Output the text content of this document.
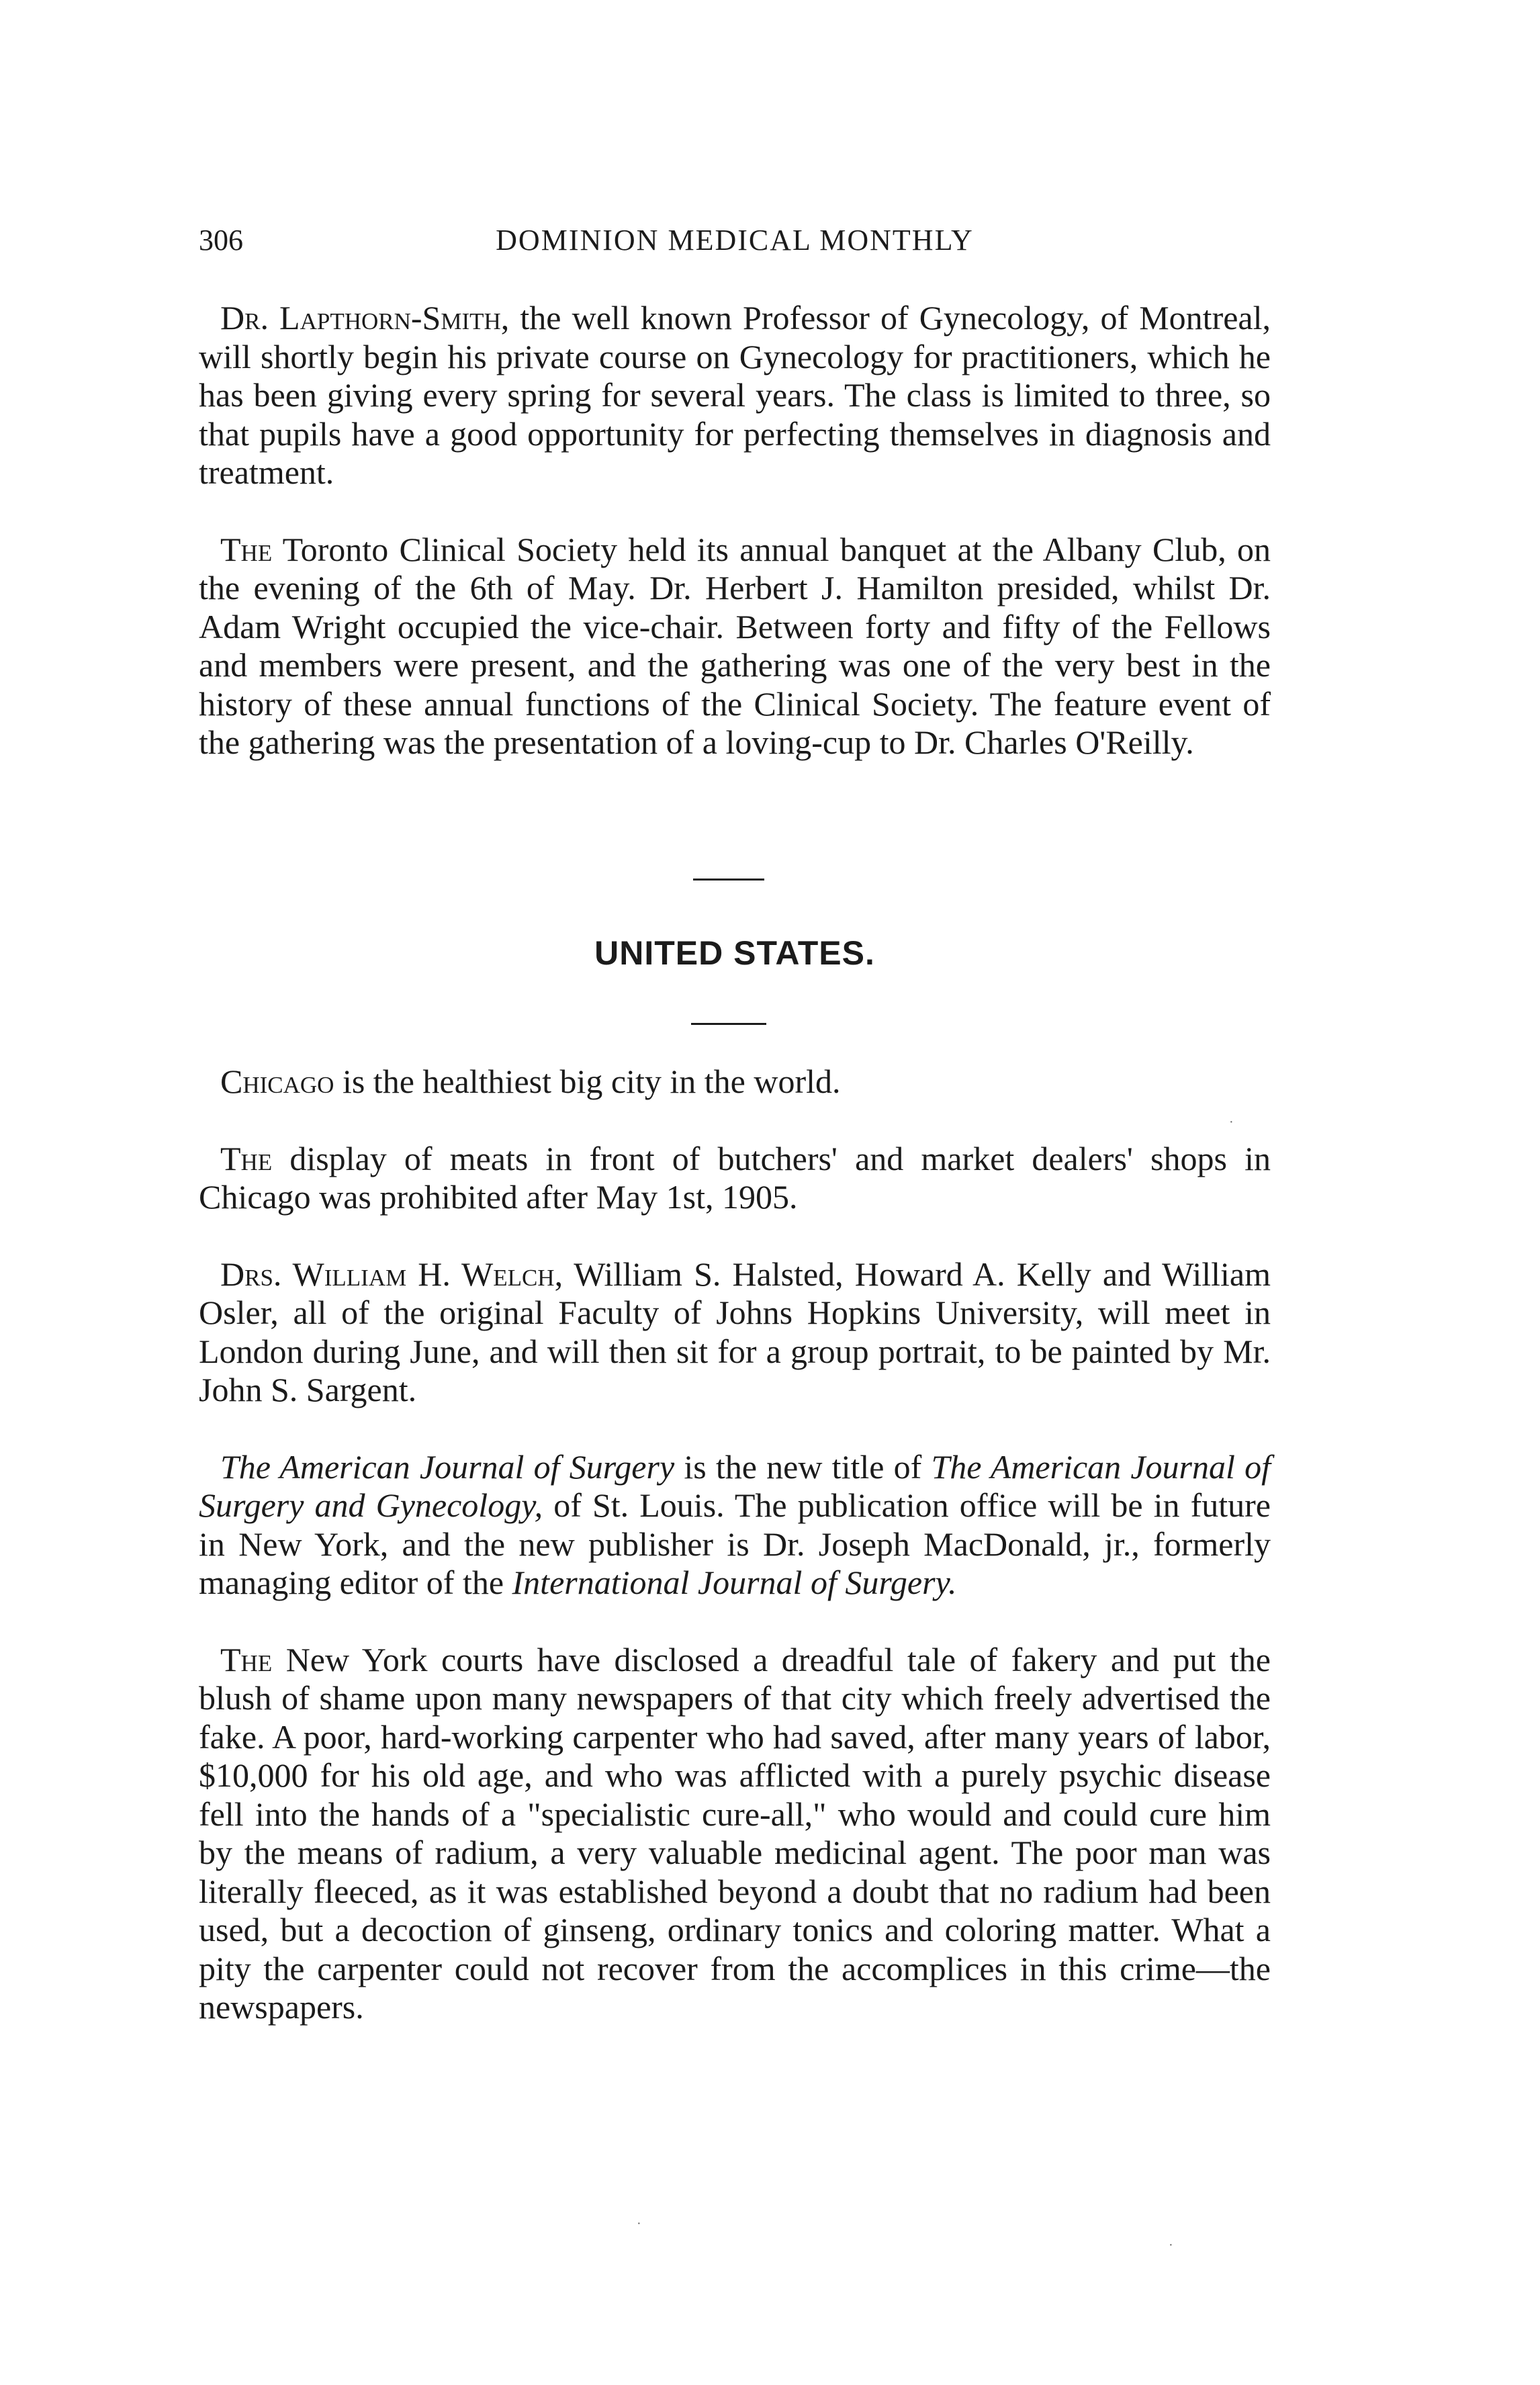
306	DOMINION MEDICAL MONTHLY

Dr. Lapthorn-Smith, the well known Professor of Gynecology, of Montreal, will shortly begin his private course on Gynecology for practitioners, which he has been giving every spring for several years. The class is limited to three, so that pupils have a good opportunity for perfecting themselves in diagnosis and treatment.

The Toronto Clinical Society held its annual banquet at the Albany Club, on the evening of the 6th of May. Dr. Herbert J. Hamilton presided, whilst Dr. Adam Wright occupied the vice-chair. Between forty and fifty of the Fellows and members were present, and the gathering was one of the very best in the history of these annual functions of the Clinical Society. The feature event of the gathering was the presentation of a loving-cup to Dr. Charles O'Reilly.

UNITED STATES.

Chicago is the healthiest big city in the world.

The display of meats in front of butchers' and market dealers' shops in Chicago was prohibited after May 1st, 1905.

Drs. William H. Welch, William S. Halsted, Howard A. Kelly and William Osler, all of the original Faculty of Johns Hopkins University, will meet in London during June, and will then sit for a group portrait, to be painted by Mr. John S. Sargent.

The American Journal of Surgery is the new title of The American Journal of Surgery and Gynecology, of St. Louis. The publication office will be in future in New York, and the new publisher is Dr. Joseph MacDonald, jr., formerly managing editor of the International Journal of Surgery.

The New York courts have disclosed a dreadful tale of fakery and put the blush of shame upon many newspapers of that city which freely advertised the fake. A poor, hard-working carpenter who had saved, after many years of labor, $10,000 for his old age, and who was afflicted with a purely psychic disease fell into the hands of a "specialistic cure-all," who would and could cure him by the means of radium, a very valuable medicinal agent. The poor man was literally fleeced, as it was established beyond a doubt that no radium had been used, but a decoction of ginseng, ordinary tonics and coloring matter. What a pity the carpenter could not recover from the accomplices in this crime—the newspapers.

·
·
·
